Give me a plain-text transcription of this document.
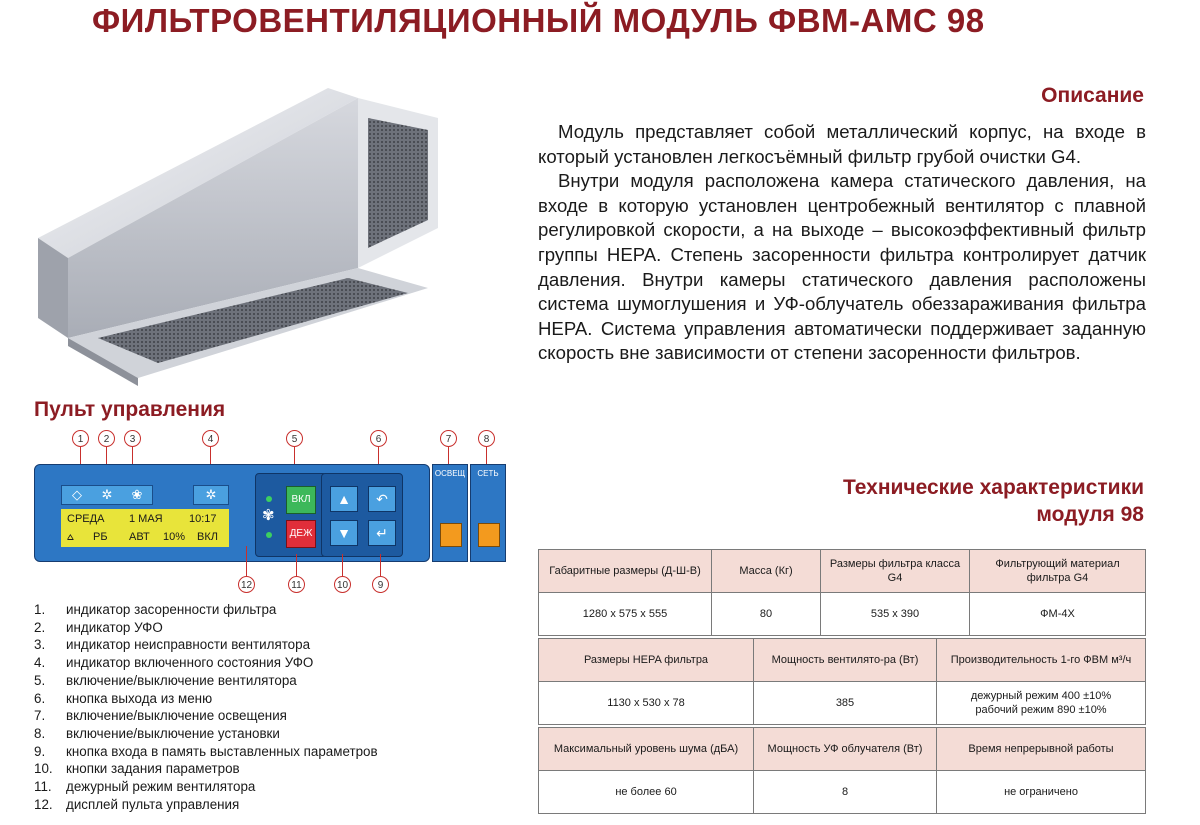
ФИЛЬТРОВЕНТИЛЯЦИОННЫЙ МОДУЛЬ ФВМ-АМС 98
Описание

Модуль представляет собой металлический корпус, на входе в который установлен легкосъёмный фильтр грубой очистки G4.

Внутри модуля расположена камера статического давления, на входе в которую установлен центробежный вентилятор с плавной регулировкой скорости, а на выходе – высокоэффективный фильтр группы HEPA. Степень засоренности фильтра контролирует датчик давления. Внутри камеры статического давления расположены система шумоглушения и УФ-облучатель обеззараживания фильтра HEPA. Система управления автоматически поддерживает заданную скорость вне зависимости от степени засоренности фильтров.

Пульт управления
1	2	3	4	5	6	7	8
◇	✲	❀	✲
СРЕДА 1 МАЯ 10:17
⩟ РБ АВТ 10% ВКЛ
✾
ВКЛ
ДЕЖ
▲
▼
↶
↵
ОСВЕЩ	СЕТЬ
12	11	10	9
1.	индикатор засоренности фильтра
2.	индикатор УФО
3.	индикатор неисправности вентилятора
4.	индикатор включенного состояния УФО
5.	включение/выключение вентилятора
6.	кнопка выхода из меню
7.	включение/выключение освещения
8.	включение/выключение установки
9.	кнопка входа в память выставленных параметров
10. кнопки задания параметров
11.	дежурный режим вентилятора
12. дисплей пульта управления
Технические характеристики
модуля 98
Габаритные размеры (Д-Ш-В)	Масса (Кг)	Размеры фильтра класса G4	Фильтрующий материал фильтра G4
1280 х 575 х 555	80	535 х 390	ФМ-4Х
Размеры HEPA фильтра	Мощность вентилято-ра (Вт)	Производительность 1-го ФВМ м³/ч
1130 х 530 х 78	385	дежурный режим 400 ±10%
рабочий режим 890 ±10%
Максимальный уровень шума (дБА)	Мощность УФ облучателя (Вт)	Время непрерывной работы
не более 60	8	не ограничено
